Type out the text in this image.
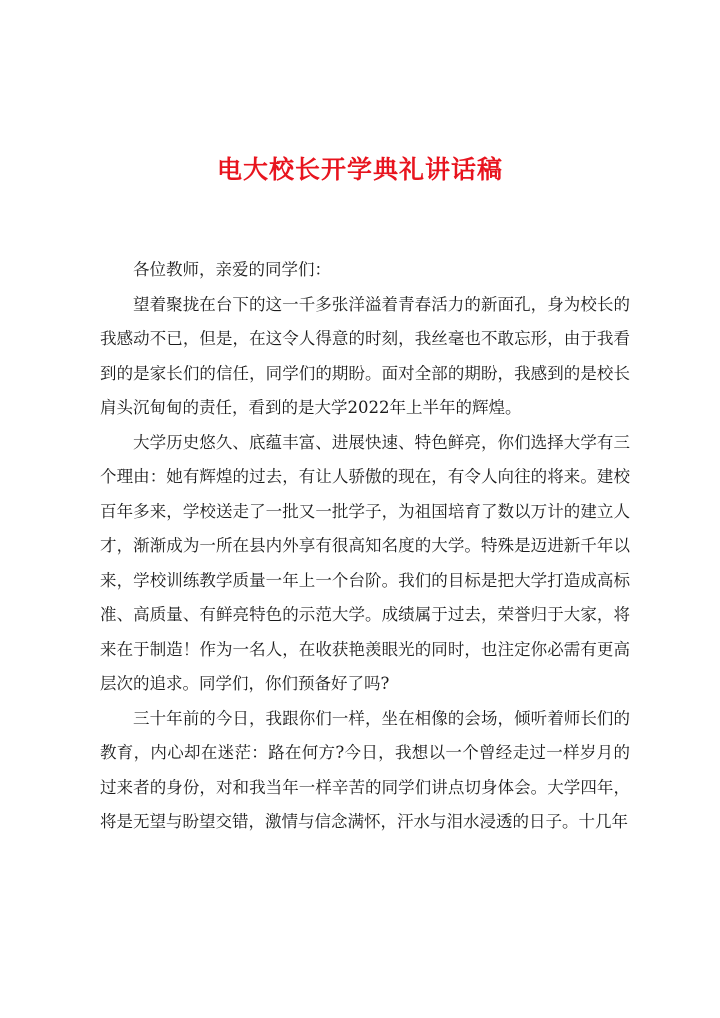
电大校长开学典礼讲话稿

各位教师，亲爱的同学们：

望着聚拢在台下的这一千多张洋溢着青春活力的新面孔，身为校长的我感动不已，但是，在这令人得意的时刻，我丝毫也不敢忘形，由于我看到的是家长们的信任，同学们的期盼。面对全部的期盼，我感到的是校长肩头沉甸甸的责任，看到的是大学2022年上半年的辉煌。

大学历史悠久、底蕴丰富、进展快速、特色鲜亮，你们选择大学有三个理由：她有辉煌的过去，有让人骄傲的现在，有令人向往的将来。建校百年多来，学校送走了一批又一批学子，为祖国培育了数以万计的建立人才，渐渐成为一所在县内外享有很高知名度的大学。特殊是迈进新千年以来，学校训练教学质量一年上一个台阶。我们的目标是把大学打造成高标准、高质量、有鲜亮特色的示范大学。成绩属于过去，荣誉归于大家，将来在于制造！作为一名人，在收获艳羡眼光的同时，也注定你必需有更高层次的追求。同学们，你们预备好了吗?

三十年前的今日，我跟你们一样，坐在相像的会场，倾听着师长们的教育，内心却在迷茫：路在何方?今日，我想以一个曾经走过一样岁月的过来者的身份，对和我当年一样辛苦的同学们讲点切身体会。大学四年，将是无望与盼望交错，激情与信念满怀，汗水与泪水浸透的日子。十几年
